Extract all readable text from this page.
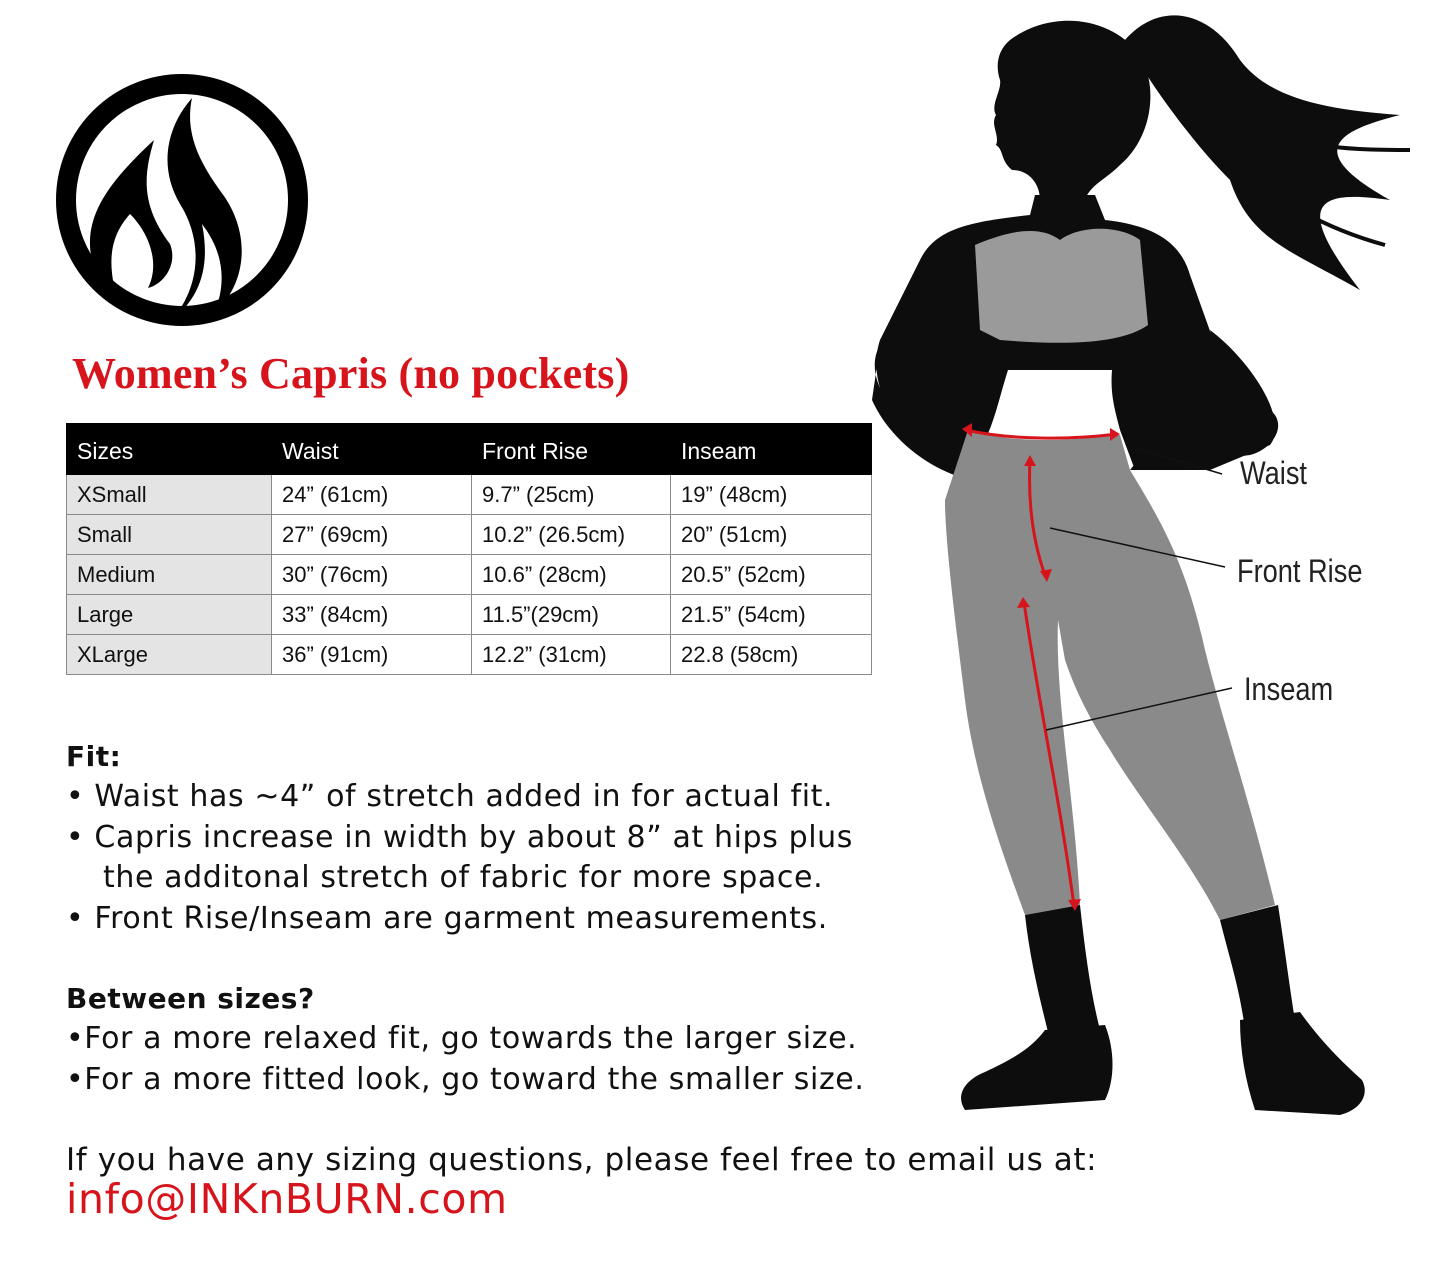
Women’s Capris (no pockets)
Sizes	Waist	Front Rise	Inseam
XSmall	24” (61cm)	9.7” (25cm)	19” (48cm)
Small	27” (69cm)	10.2” (26.5cm)	20” (51cm)
Medium	30” (76cm)	10.6” (28cm)	20.5” (52cm)
Large	33” (84cm)	11.5”(29cm)	21.5” (54cm)
XLarge	36” (91cm)	12.2” (31cm)	22.8 (58cm)
Fit:
• Waist has ~4” of stretch added in for actual fit.
• Capris increase in width by about 8” at hips plus
the additonal stretch of fabric for more space.
• Front Rise/Inseam are garment measurements.
Between sizes?
•For a more relaxed fit, go towards the larger size.
•For a more fitted look, go toward the smaller size.
If you have any sizing questions, please feel free to email us at:
info@INKnBURN.com
Waist
Front Rise
Inseam
